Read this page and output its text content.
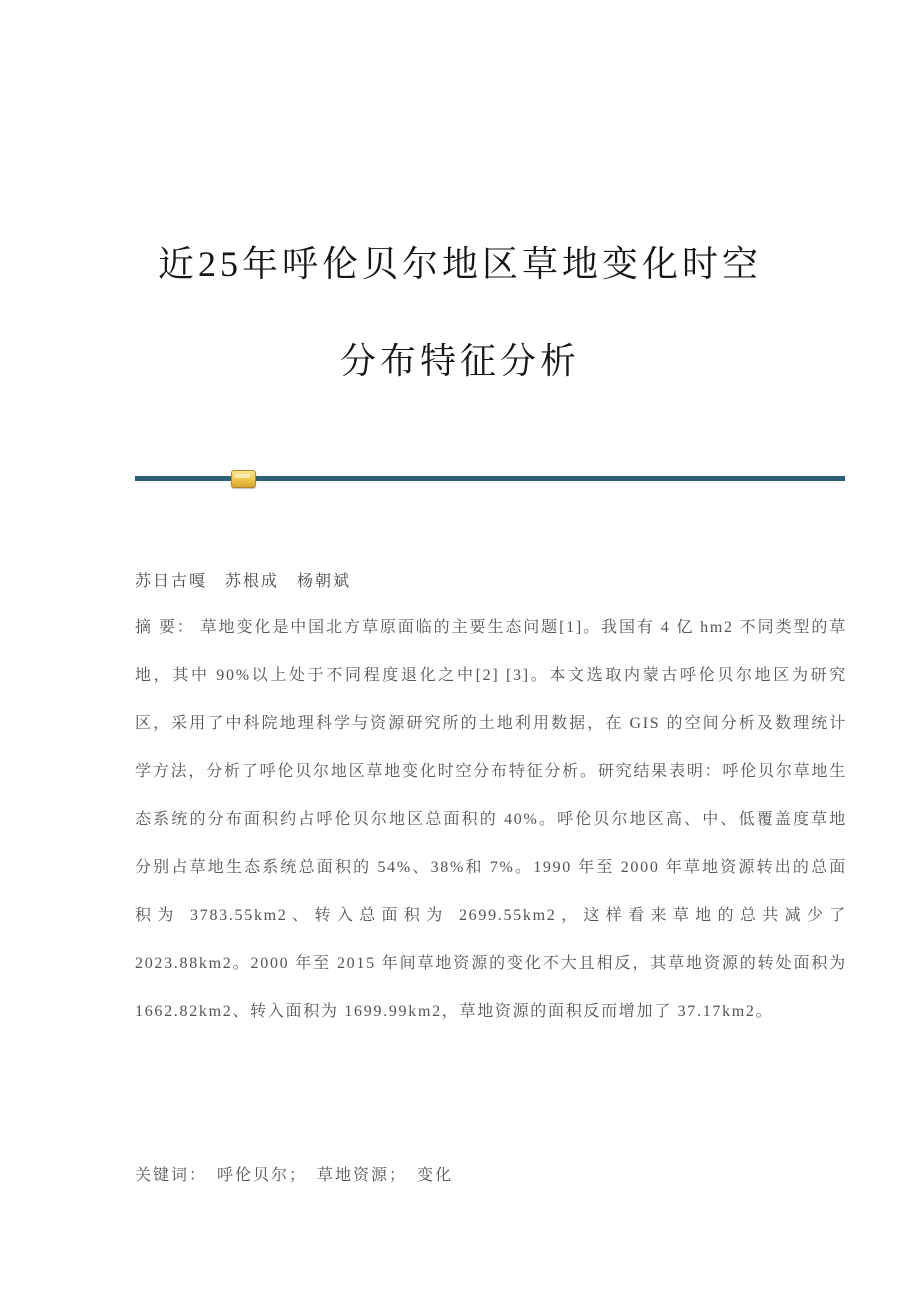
近25年呼伦贝尔地区草地变化时空分布特征分析
苏日古嘎　苏根成　杨朝斌

摘 要： 草地变化是中国北方草原面临的主要生态问题[1]。我国有 4 亿 hm2 不同类型的草地，其中 90%以上处于不同程度退化之中[2] [3]。本文选取内蒙古呼伦贝尔地区为研究区，采用了中科院地理科学与资源研究所的土地利用数据，在 GIS 的空间分析及数理统计学方法，分析了呼伦贝尔地区草地变化时空分布特征分析。研究结果表明：呼伦贝尔草地生态系统的分布面积约占呼伦贝尔地区总面积的 40%。呼伦贝尔地区高、中、低覆盖度草地分别占草地生态系统总面积的 54%、38%和 7%。1990 年至 2000 年草地资源转出的总面积为 3783.55km2、转入总面积为 2699.55km2，这样看来草地的总共减少了 2023.88km2。2000 年至 2015 年间草地资源的变化不大且相反，其草地资源的转处面积为 1662.82km2、转入面积为 1699.99km2，草地资源的面积反而增加了 37.17km2。

关键词： 呼伦贝尔；　草地资源；　变化
